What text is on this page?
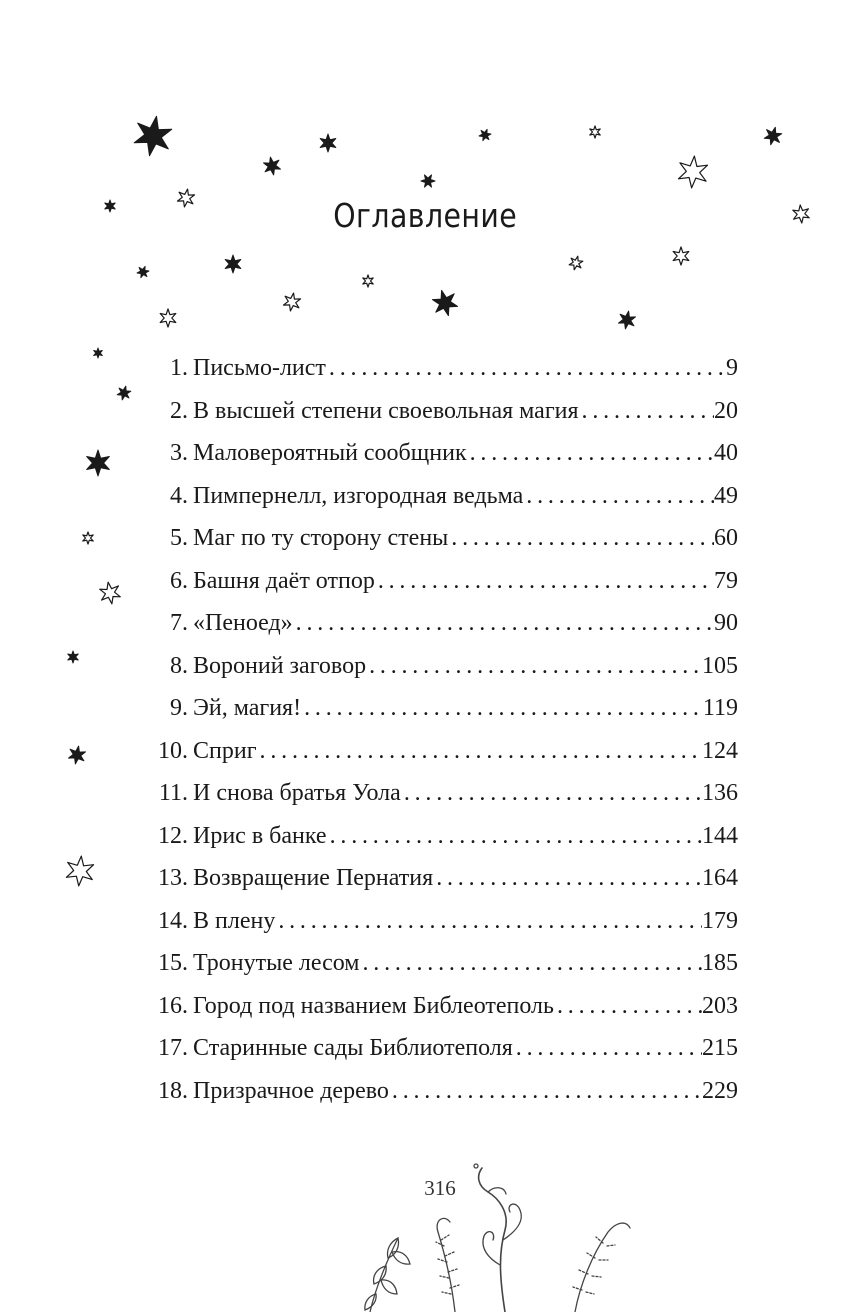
Оглавление
1. Письмо-лист . . .	9
2. В высшей степени своевольная магия . . .	20
3. Маловероятный сообщник . . .	40
4. Пимпернелл, изгородная ведьма . . .	49
5. Маг по ту сторону стены . . .	60
6. Башня даёт отпор . . .	79
7. «Пеноед» . . .	90
8. Вороний заговор . . .	105
9. Эй, магия! . . .	119
10. Сприг . . .	124
11. И снова братья Уола . . .	136
12. Ирис в банке . . .	144
13. Возвращение Пернатия . . .	164
14. В плену . . .	179
15. Тронутые лесом . . .	185
16. Город под названием Библеотеполь . . .	203
17. Старинные сады Библиотеполя . . .	215
18. Призрачное дерево . . .	229
316
